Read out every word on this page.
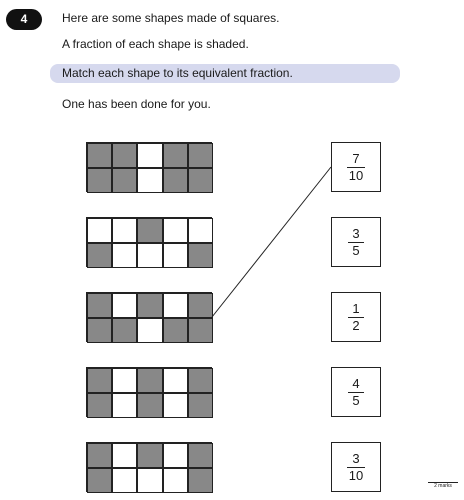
4	Here are some shapes made of squares.
A fraction of each shape is shaded.
Match each shape to its equivalent fraction.
One has been done for you.
7
10
3
5
1
2
4
5
3
10
2 marks
